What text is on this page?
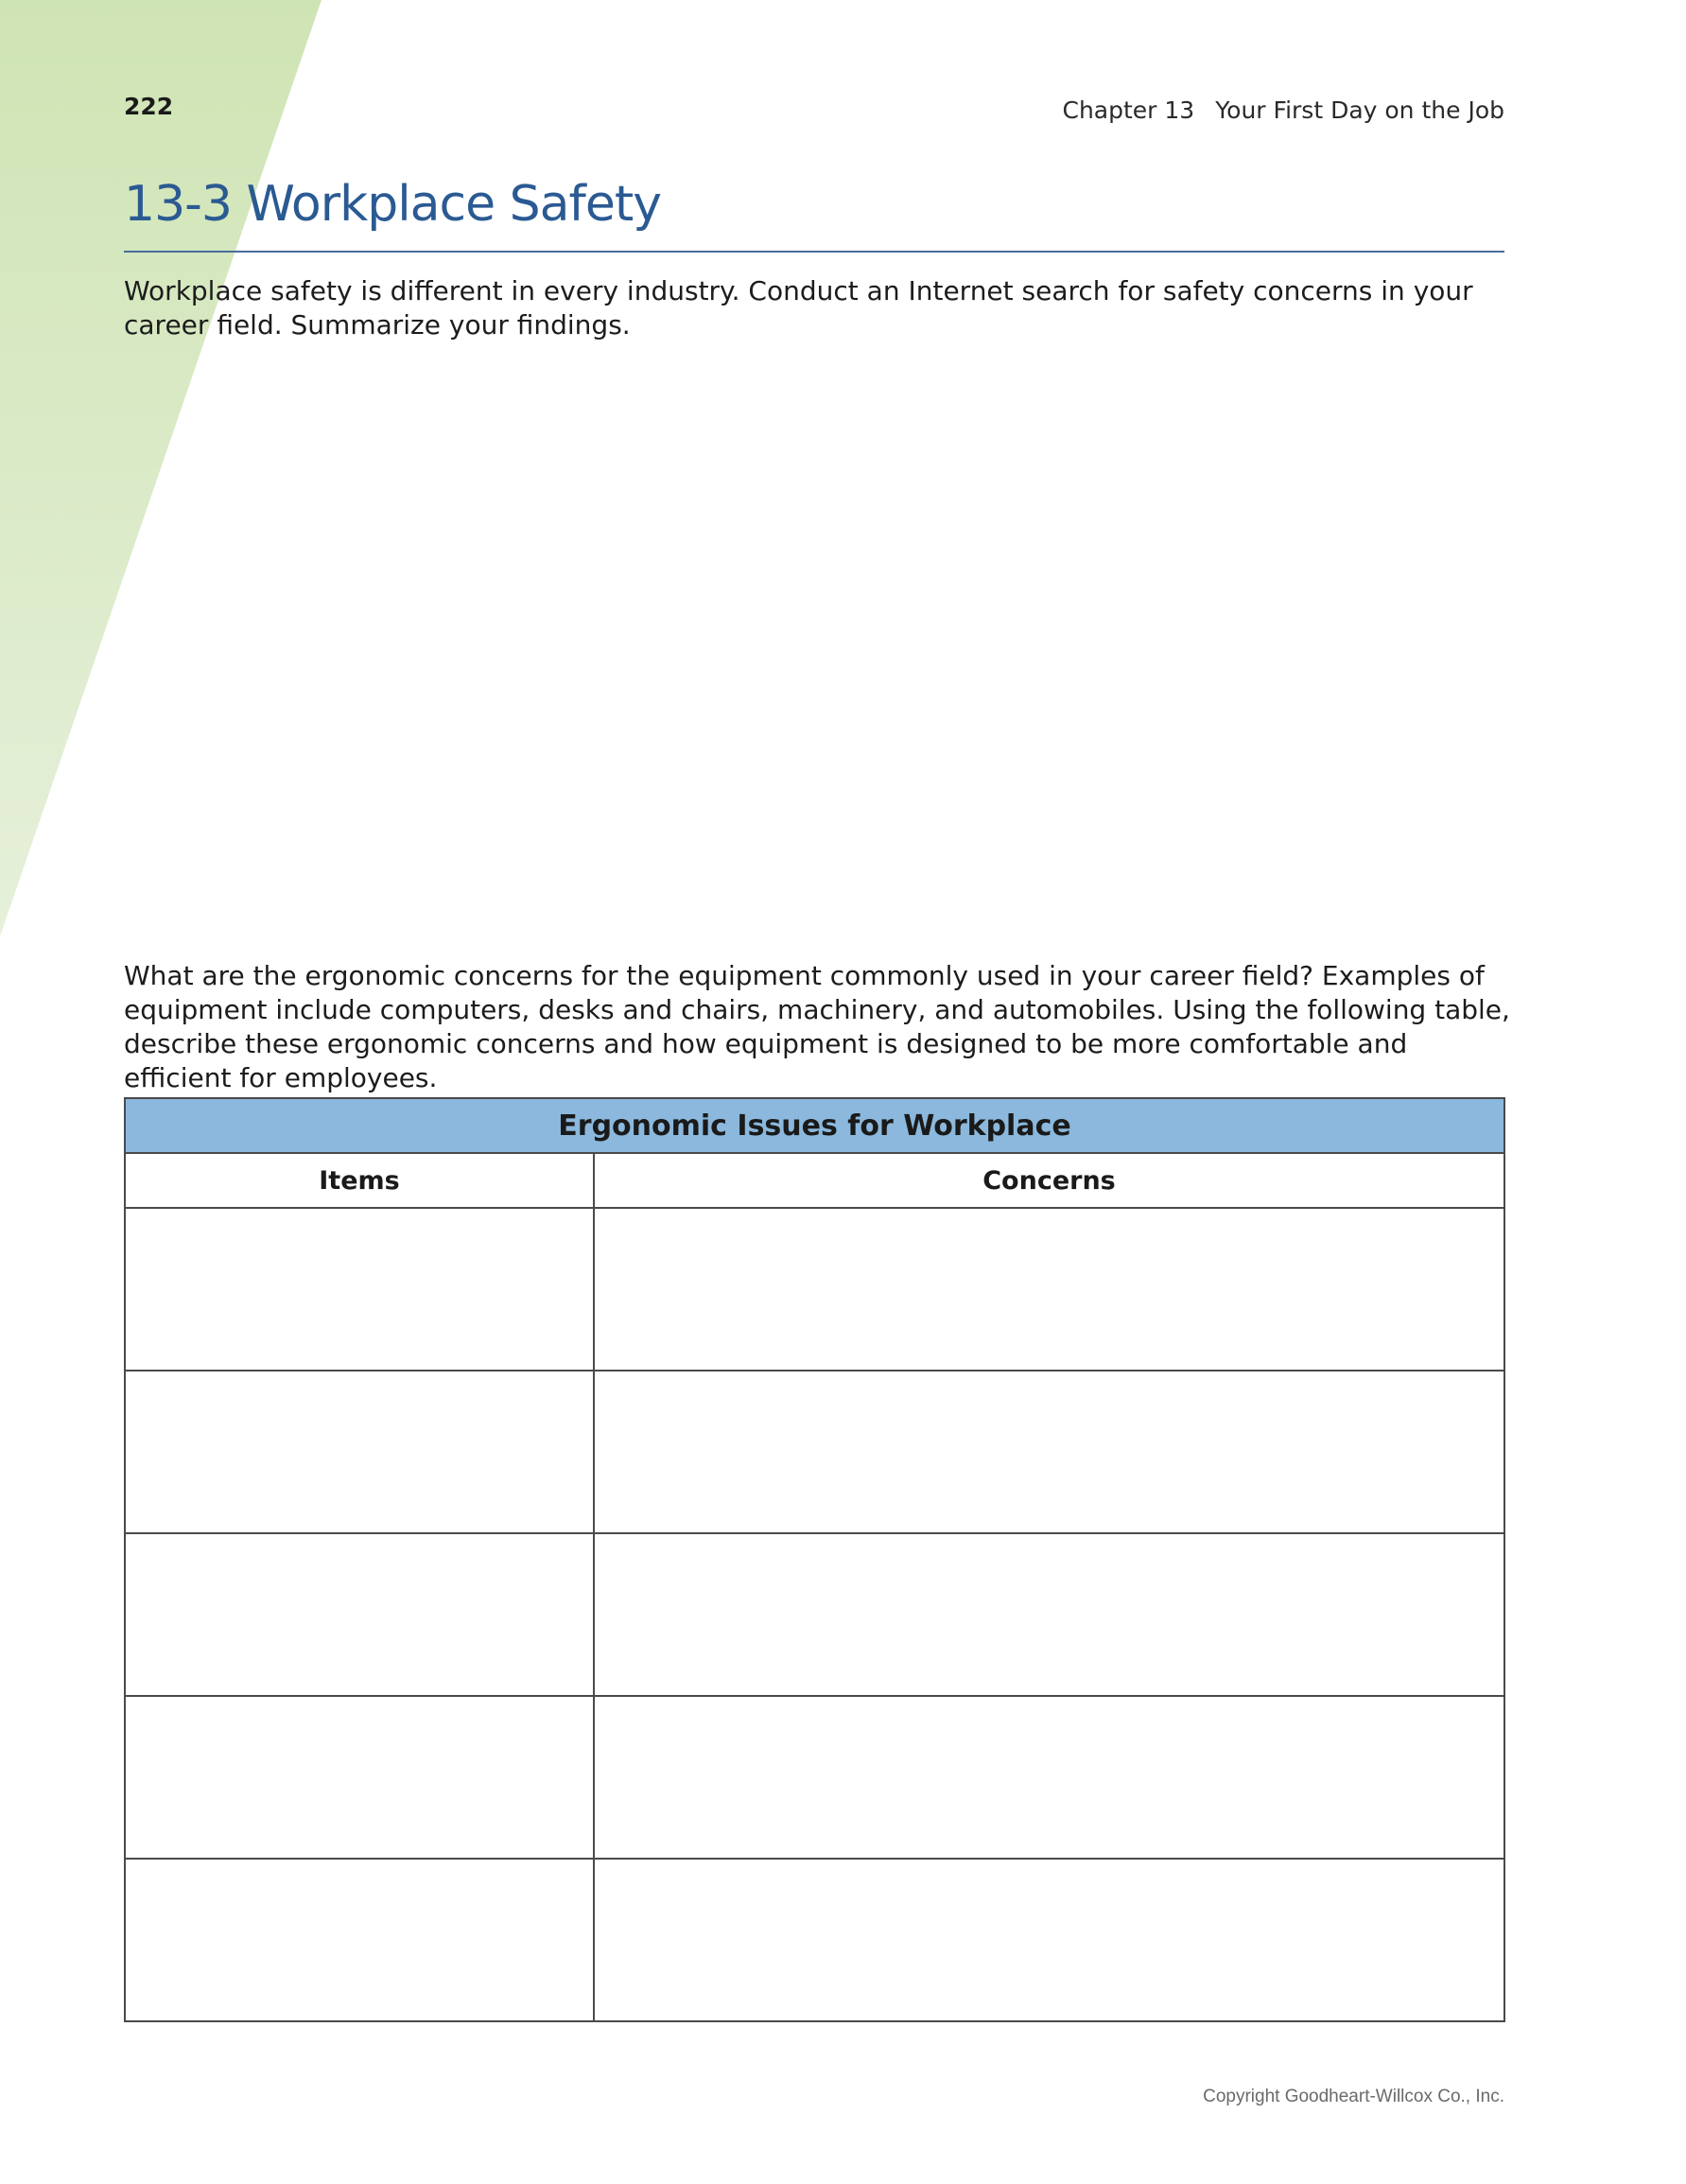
222	Chapter 13 Your First Day on the Job
13-3 Workplace Safety

Workplace safety is different in every industry. Conduct an Internet search for safety concerns in your career field. Summarize your findings.

What are the ergonomic concerns for the equipment commonly used in your career field? Examples of equipment include computers, desks and chairs, machinery, and automobiles. Using the following table, describe these ergonomic concerns and how equipment is designed to be more comfortable and efficient for employees.

Ergonomic Issues for Workplace	
Items	Concerns

Copyright Goodheart-Willcox Co., Inc.
